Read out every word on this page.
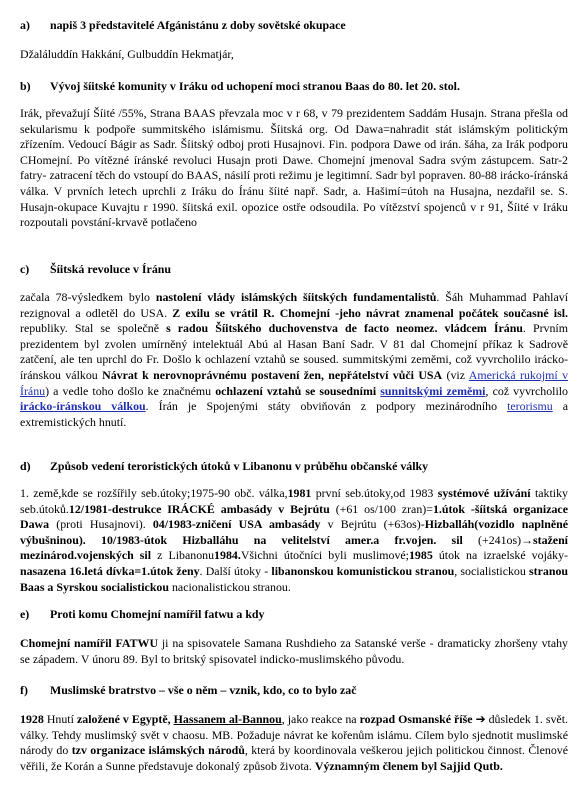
a)	napiš 3 představitelé Afgánistánu z doby sovětské okupace

Džaláluddín Hakkání, Gulbuddín Hekmatjár,

b)	Vývoj šíitské komunity v Iráku od uchopení moci stranou Baas do 80. let 20. stol.

Irák, převažují Šíité /55%, Strana BAAS převzala moc v r 68, v 79 prezidentem Saddám Husajn. Strana přešla od sekularismu k podpoře summitského islámismu. Šíitská org. Od Dawa=nahradit stát islámským politickým zřízením. Vedoucí Bágir as Sadr. Šíitský odboj proti Husajnovi. Fin. podpora Dawe od irán. šáha, za Irák podporu CHomejní. Po vítězné íránské revoluci Husajn proti Dawe. Chomejní jmenoval Sadra svým zástupcem. Satr-2 fatry- zatracení těch do vstoupí do BAAS, násilí proti režimu je legitimní. Sadr byl popraven. 80-88 irácko-íránská válka. V prvních letech uprchli z Iráku do Íránu šíité např. Sadr, a. Hašimí=útoh na Husajna, nezdařil se. S. Husajn-okupace Kuvajtu r 1990. šíitská exil. opozice ostře odsoudila. Po vítězství spojenců v r 91, Šíité v Iráku rozpoutali povstání-krvavě potlačeno

c)	Šíitská revoluce v Íránu

začala 78-výsledkem bylo nastolení vlády islámských šíitských fundamentalistů. Šáh Muhammad Pahlaví rezignoval a odletěl do USA. Z exilu se vrátil R. Chomejní -jeho návrat znamenal počátek současné isl. republiky. Stal se společně s radou Šíitského duchovenstva de facto neomez. vládcem Íránu. Prvním prezidentem byl zvolen umírněný intelektuál Abú al Hasan Baní Sadr. V 81 dal Chomejní příkaz k Sadrově zatčení, ale ten uprchl do Fr. Došlo k ochlazení vztahů se soused. summitskými zeměmi, což vyvrcholilo irácko-íránskou válkou Návrat k nerovnoprávnému postavení žen, nepřátelství vůči USA (viz Americká rukojmí v Íránu) a vedle toho došlo ke značnému ochlazení vztahů se sousedními sunnitskými zeměmi, což vyvrcholilo irácko-íránskou válkou. Írán je Spojenými státy obviňován z podpory mezinárodního terorismu a extremistických hnutí.

d)	Způsob vedení teroristických útoků v Libanonu v průběhu občanské války

1. země,kde se rozšířily seb.útoky;1975-90 obč. válka,1981 první seb.útoky,od 1983 systémové užívání taktiky seb.útoků.12/1981-destrukce IRÁCKÉ ambasády v Bejrútu (+61 os/100 zran)=1.útok -šíitská organizace Dawa (proti Husajnovi). 04/1983-zničení USA ambasády v Bejrútu (+63os)-Hizballáh(vozidlo naplněné výbušninou). 10/1983-útok Hizballáhu na velitelství amer.a fr.vojen. sil (+241os)→stažení mezinárod.vojenských sil z Libanonu1984.Všichni útočníci byli muslimové;1985 útok na izraelské vojáky-nasazena 16.letá dívka=1.útok ženy. Další útoky - libanonskou komunistickou stranou, socialistickou stranou Baas a Syrskou socialistickou nacionalistickou stranou.

e)	Proti komu Chomejní namířil fatwu a kdy

Chomejní namířil FATWU ji na spisovatele Samana Rushdieho za Satanské verše - dramaticky zhoršeny vtahy se západem. V únoru 89. Byl to britský spisovatel indicko-muslimského původu.

f)	Muslimské bratrstvo – vše o něm – vznik, kdo, co to bylo zač

1928 Hnutí založené v Egyptě, Hassanem al-Bannou, jako reakce na rozpad Osmanské říše ➔ důsledek 1. svět. války. Tehdy muslimský svět v chaosu. MB. Požaduje návrat ke kořenům islámu. Cílem bylo sjednotit muslimské národy do tzv organizace islámských národů, která by koordinovala veškerou jejich politickou činnost. Členové věřili, že Korán a Sunne představuje dokonalý způsob života. Významným členem byl Sajjid Qutb.
